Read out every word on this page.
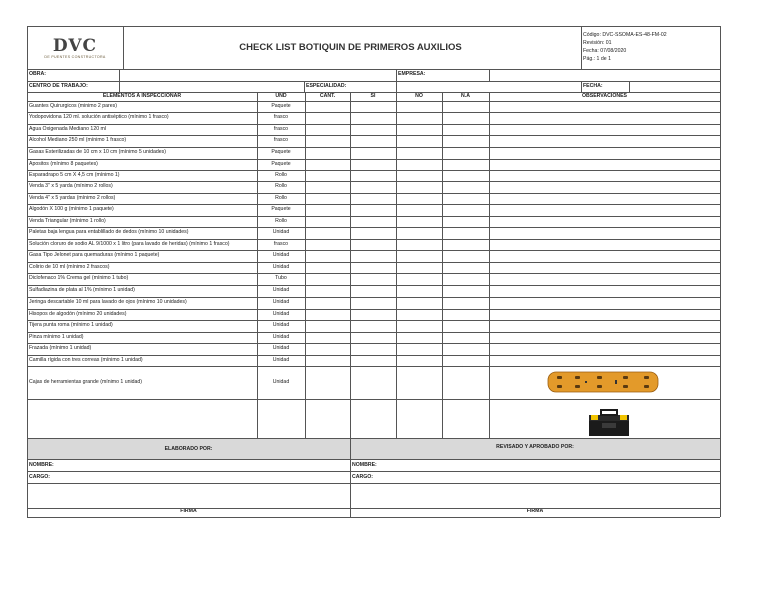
DVC
DE PUENTES CONSTRUCTORA
CHECK LIST BOTIQUIN DE PRIMEROS AUXILIOS
Código: DVC-SSOMA-ES-48-FM-02
Revisión: 01
Fecha: 07/08/2020
Pág.: 1 de 1
OBRA:	EMPRESA:
CENTRO DE TRABAJO:	ESPECIALIDAD:	FECHA:
ELEMENTOS A INSPECCIONAR	UND	CANT.	SI	NO	N.A	OBSERVACIONES
Guantes Quirurgicos (minimo 2 pares)	Paquete
Yodopovidona 120 ml. solución antiséptico (mínimo 1 frasco)	frasco
Agua Oxigenada Mediano 120 ml	frasco
Alcohol Mediano 250 ml (mínimo 1 frasco)	frasco
Gasas Esterilizadas de 10 cm x 10 cm (mínimo 5 unidades)	Paquete
Apositos (mínimo 8 paquetes)	Paquete
Esparadrapo 5 cm X 4,5 cm (mínimo 1)	Rollo
Venda 3" x 5 yarda (mínimo 2 rollos)	Rollo
Venda 4" x 5 yardas (mínimo 2 rollos)	Rollo
Algodón X 100 g (mínimo 1 paquete)	Paquete
Venda Triangular (mínimo 1 rollo)	Rollo
Paletas baja lengua para entablillado de dedos (mínimo 10 unidades)	Unidad
Solución cloruro de sodio AL 9/1000 x 1 litro (para lavado de heridas) (mínimo 1 frasco)	frasco
Gasa Tipo Jelonet para quemaduras (mínimo 1 paquete)	Unidad
Colirio de 10 ml (mínimo 2 frascos)	Unidad
Diclofenaco 1% Crema gel (mínimo 1 tubo)	Tubo
Sulfadiazina de plata al 1% (mínimo 1 unidad)	Unidad
Jeringa descartable 10 ml para lavado de ojos (mínimo 10 unidades)	Unidad
Hisopos de algodón (mínimo 20 unidades)	Unidad
Tijera punta roma (mínimo 1 unidad)	Unidad
Pinza mínimo 1 unidad)	Unidad
Frazada (mínimo 1 unidad)	Unidad
Camilla rígida con tres correas (mínimo 1 unidad)	Unidad
Cajas de herramientas grande (mínimo 1 unidad)	Unidad
ELABORADO POR:	REVISADO Y APROBADO POR:
NOMBRE:	NOMBRE:
CARGO:	CARGO:
FIRMA	FIRMA
